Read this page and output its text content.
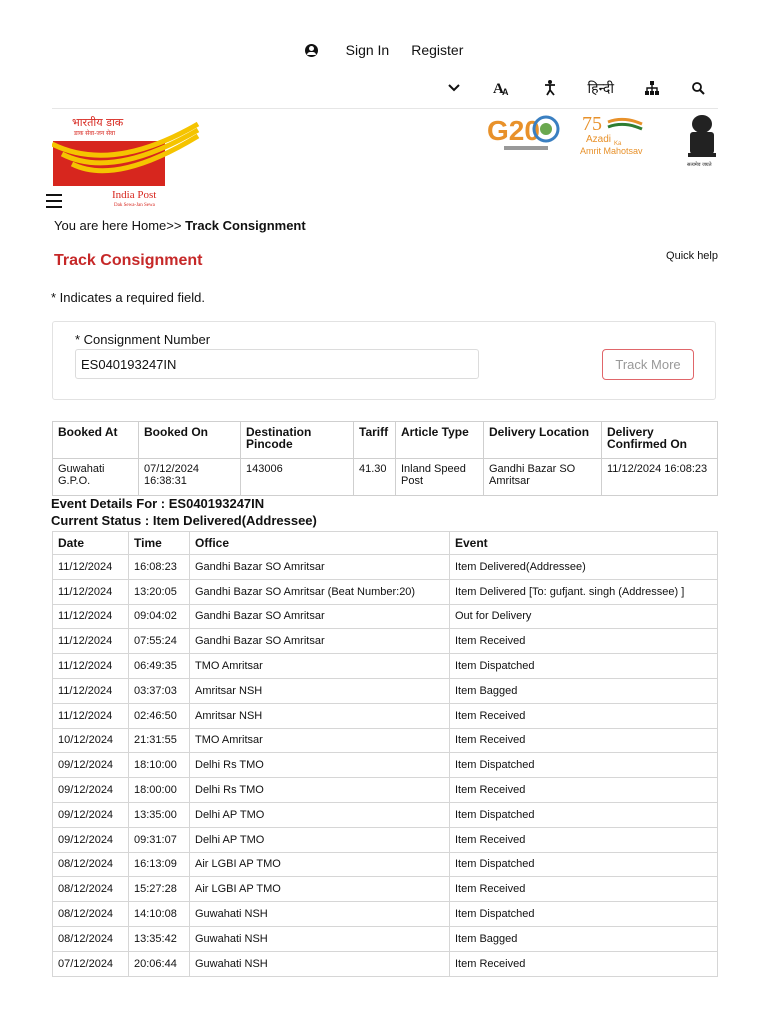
Sign In Register
A
A	हिन्दी
भारतीय डाक
डाक सेवा-जन सेवा
India Post
Dak Sewa-Jan Sewa
G20 75
Azadi Ka
Amrit Mahotsav
सत्यमेव जयते
You are here Home>> Track Consignment
Track Consignment	Quick help
* Indicates a required field.
* Consignment Number
ES040193247IN
Track More
Booked At	Booked On	Destination Pincode	Tariff	Article Type	Delivery Location	Delivery Confirmed On
Guwahati G.P.O.	07/12/2024 16:38:31	143006	41.30	Inland Speed Post	Gandhi Bazar SO Amritsar	11/12/2024 16:08:23
Event Details For : ES040193247IN
Current Status : Item Delivered(Addressee)
Date	Time	Office	Event
11/12/2024	16:08:23	Gandhi Bazar SO Amritsar	Item Delivered(Addressee)
11/12/2024	13:20:05	Gandhi Bazar SO Amritsar (Beat Number:20)	Item Delivered [To: gufjant. singh (Addressee) ]
11/12/2024	09:04:02	Gandhi Bazar SO Amritsar	Out for Delivery
11/12/2024	07:55:24	Gandhi Bazar SO Amritsar	Item Received
11/12/2024	06:49:35	TMO Amritsar	Item Dispatched
11/12/2024	03:37:03	Amritsar NSH	Item Bagged
11/12/2024	02:46:50	Amritsar NSH	Item Received
10/12/2024	21:31:55	TMO Amritsar	Item Received
09/12/2024	18:10:00	Delhi Rs TMO	Item Dispatched
09/12/2024	18:00:00	Delhi Rs TMO	Item Received
09/12/2024	13:35:00	Delhi AP TMO	Item Dispatched
09/12/2024	09:31:07	Delhi AP TMO	Item Received
08/12/2024	16:13:09	Air LGBI AP TMO	Item Dispatched
08/12/2024	15:27:28	Air LGBI AP TMO	Item Received
08/12/2024	14:10:08	Guwahati NSH	Item Dispatched
08/12/2024	13:35:42	Guwahati NSH	Item Bagged
07/12/2024	20:06:44	Guwahati NSH	Item Received
